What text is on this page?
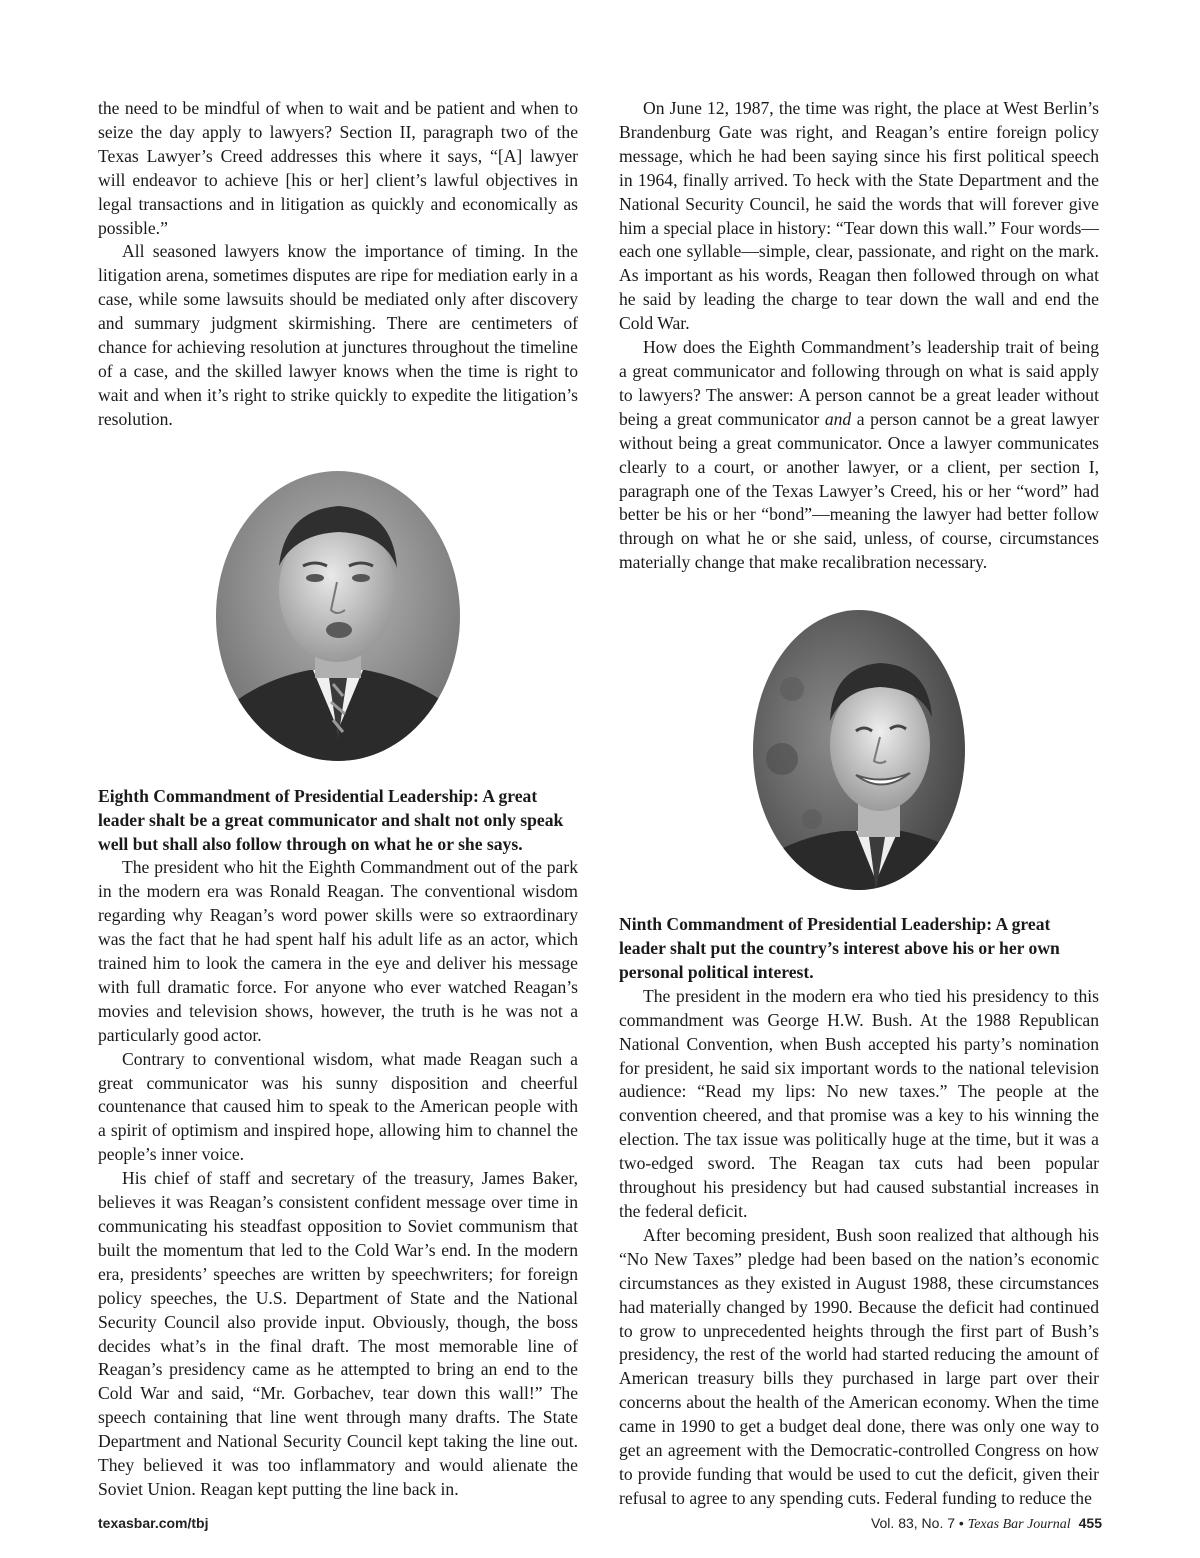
the need to be mindful of when to wait and be patient and when to seize the day apply to lawyers? Section II, paragraph two of the Texas Lawyer’s Creed addresses this where it says, “[A] lawyer will endeavor to achieve [his or her] client’s lawful objectives in legal transactions and in litigation as quickly and economically as possible.”

All seasoned lawyers know the importance of timing. In the litigation arena, sometimes disputes are ripe for mediation early in a case, while some lawsuits should be mediated only after discovery and summary judgment skirmishing. There are centimeters of chance for achieving resolution at junctures throughout the timeline of a case, and the skilled lawyer knows when the time is right to wait and when it’s right to strike quickly to expedite the litigation’s resolution.

Eighth Commandment of Presidential Leadership: A great leader shalt be a great communicator and shalt not only speak well but shall also follow through on what he or she says.

The president who hit the Eighth Commandment out of the park in the modern era was Ronald Reagan. The conventional wisdom regarding why Reagan’s word power skills were so extraordinary was the fact that he had spent half his adult life as an actor, which trained him to look the camera in the eye and deliver his message with full dramatic force. For anyone who ever watched Reagan’s movies and television shows, however, the truth is he was not a particularly good actor.

Contrary to conventional wisdom, what made Reagan such a great communicator was his sunny disposition and cheerful countenance that caused him to speak to the American people with a spirit of optimism and inspired hope, allowing him to channel the people’s inner voice.

His chief of staff and secretary of the treasury, James Baker, believes it was Reagan’s consistent confident message over time in communicating his steadfast opposition to Soviet communism that built the momentum that led to the Cold War’s end. In the modern era, presidents’ speeches are written by speechwriters; for foreign policy speeches, the U.S. Department of State and the National Security Council also provide input. Obviously, though, the boss decides what’s in the final draft. The most memorable line of Reagan’s presidency came as he attempted to bring an end to the Cold War and said, “Mr. Gorbachev, tear down this wall!” The speech containing that line went through many drafts. The State Department and National Security Council kept taking the line out. They believed it was too inflammatory and would alienate the Soviet Union. Reagan kept putting the line back in.

On June 12, 1987, the time was right, the place at West Berlin’s Brandenburg Gate was right, and Reagan’s entire foreign policy message, which he had been saying since his first political speech in 1964, finally arrived. To heck with the State Department and the National Security Council, he said the words that will forever give him a special place in history: “Tear down this wall.” Four words—each one syllable—simple, clear, passionate, and right on the mark. As important as his words, Reagan then followed through on what he said by leading the charge to tear down the wall and end the Cold War.

How does the Eighth Commandment’s leadership trait of being a great communicator and following through on what is said apply to lawyers? The answer: A person cannot be a great leader without being a great communicator and a person cannot be a great lawyer without being a great communicator. Once a lawyer communicates clearly to a court, or another lawyer, or a client, per section I, paragraph one of the Texas Lawyer’s Creed, his or her “word” had better be his or her “bond”—meaning the lawyer had better follow through on what he or she said, unless, of course, circumstances materially change that make recalibration necessary.

Ninth Commandment of Presidential Leadership: A great leader shalt put the country’s interest above his or her own personal political interest.

The president in the modern era who tied his presidency to this commandment was George H.W. Bush. At the 1988 Republican National Convention, when Bush accepted his party’s nomination for president, he said six important words to the national television audience: “Read my lips: No new taxes.” The people at the convention cheered, and that promise was a key to his winning the election. The tax issue was politically huge at the time, but it was a two-edged sword. The Reagan tax cuts had been popular throughout his presidency but had caused substantial increases in the federal deficit.

After becoming president, Bush soon realized that although his “No New Taxes” pledge had been based on the nation’s economic circumstances as they existed in August 1988, these circumstances had materially changed by 1990. Because the deficit had continued to grow to unprecedented heights through the first part of Bush’s presidency, the rest of the world had started reducing the amount of American treasury bills they purchased in large part over their concerns about the health of the American economy. When the time came in 1990 to get a budget deal done, there was only one way to get an agreement with the Democratic-controlled Congress on how to provide funding that would be used to cut the deficit, given their refusal to agree to any spending cuts. Federal funding to reduce the

texasbar.com/tbj	Vol. 83, No. 7 • Texas Bar Journal 455
